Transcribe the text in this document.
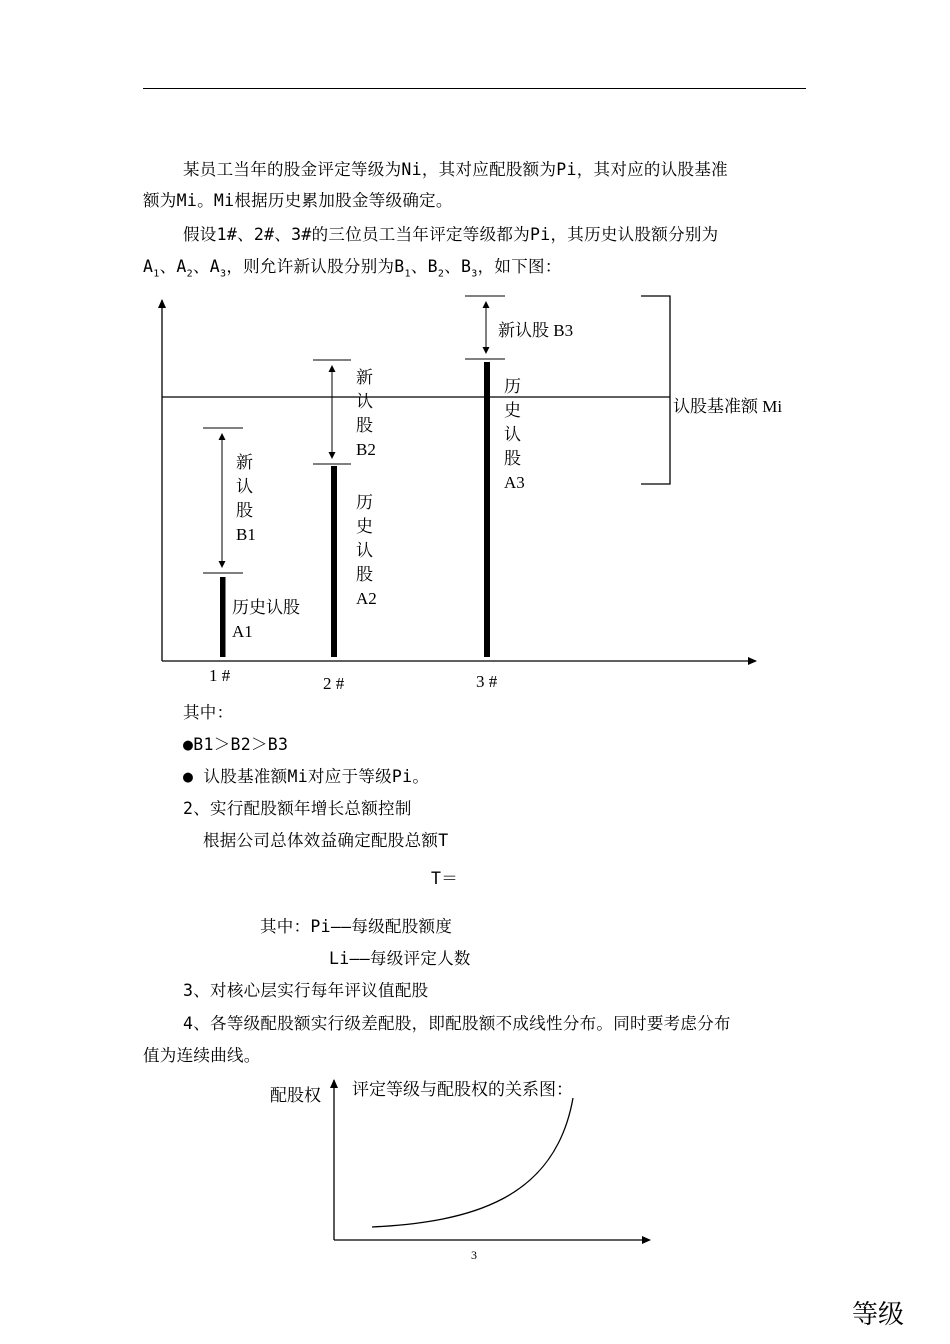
某员工当年的股金评定等级为Ni，其对应配股额为Pi，其对应的认股基准
额为Mi。Mi根据历史累加股金等级确定。
假设1#、2#、3#的三位员工当年评定等级都为Pi，其历史认股额分别为
$A_1$、$A_2$、$A_3$，则允许新认股分别为$B_1$、$B_2$、$B_3$，如下图：
新
认
股
B1
历史认股
A1
新
认
股
B2
历
史
认
股
A2
新认股 B3
历
史
认
股
A3
认股基准额 Mi
1 #	2 #	3 #
其中：
●B1＞B2＞B3
● 认股基准额Mi对应于等级Pi。
2、实行配股额年增长总额控制
根据公司总体效益确定配股总额T
T＝
其中：Pi——每级配股额度
Li——每级评定人数
3、对核心层实行每年评议值配股
4、各等级配股额实行级差配股，即配股额不成线性分布。同时要考虑分布
值为连续曲线。
配股权 评定等级与配股权的关系图：
等级
3
